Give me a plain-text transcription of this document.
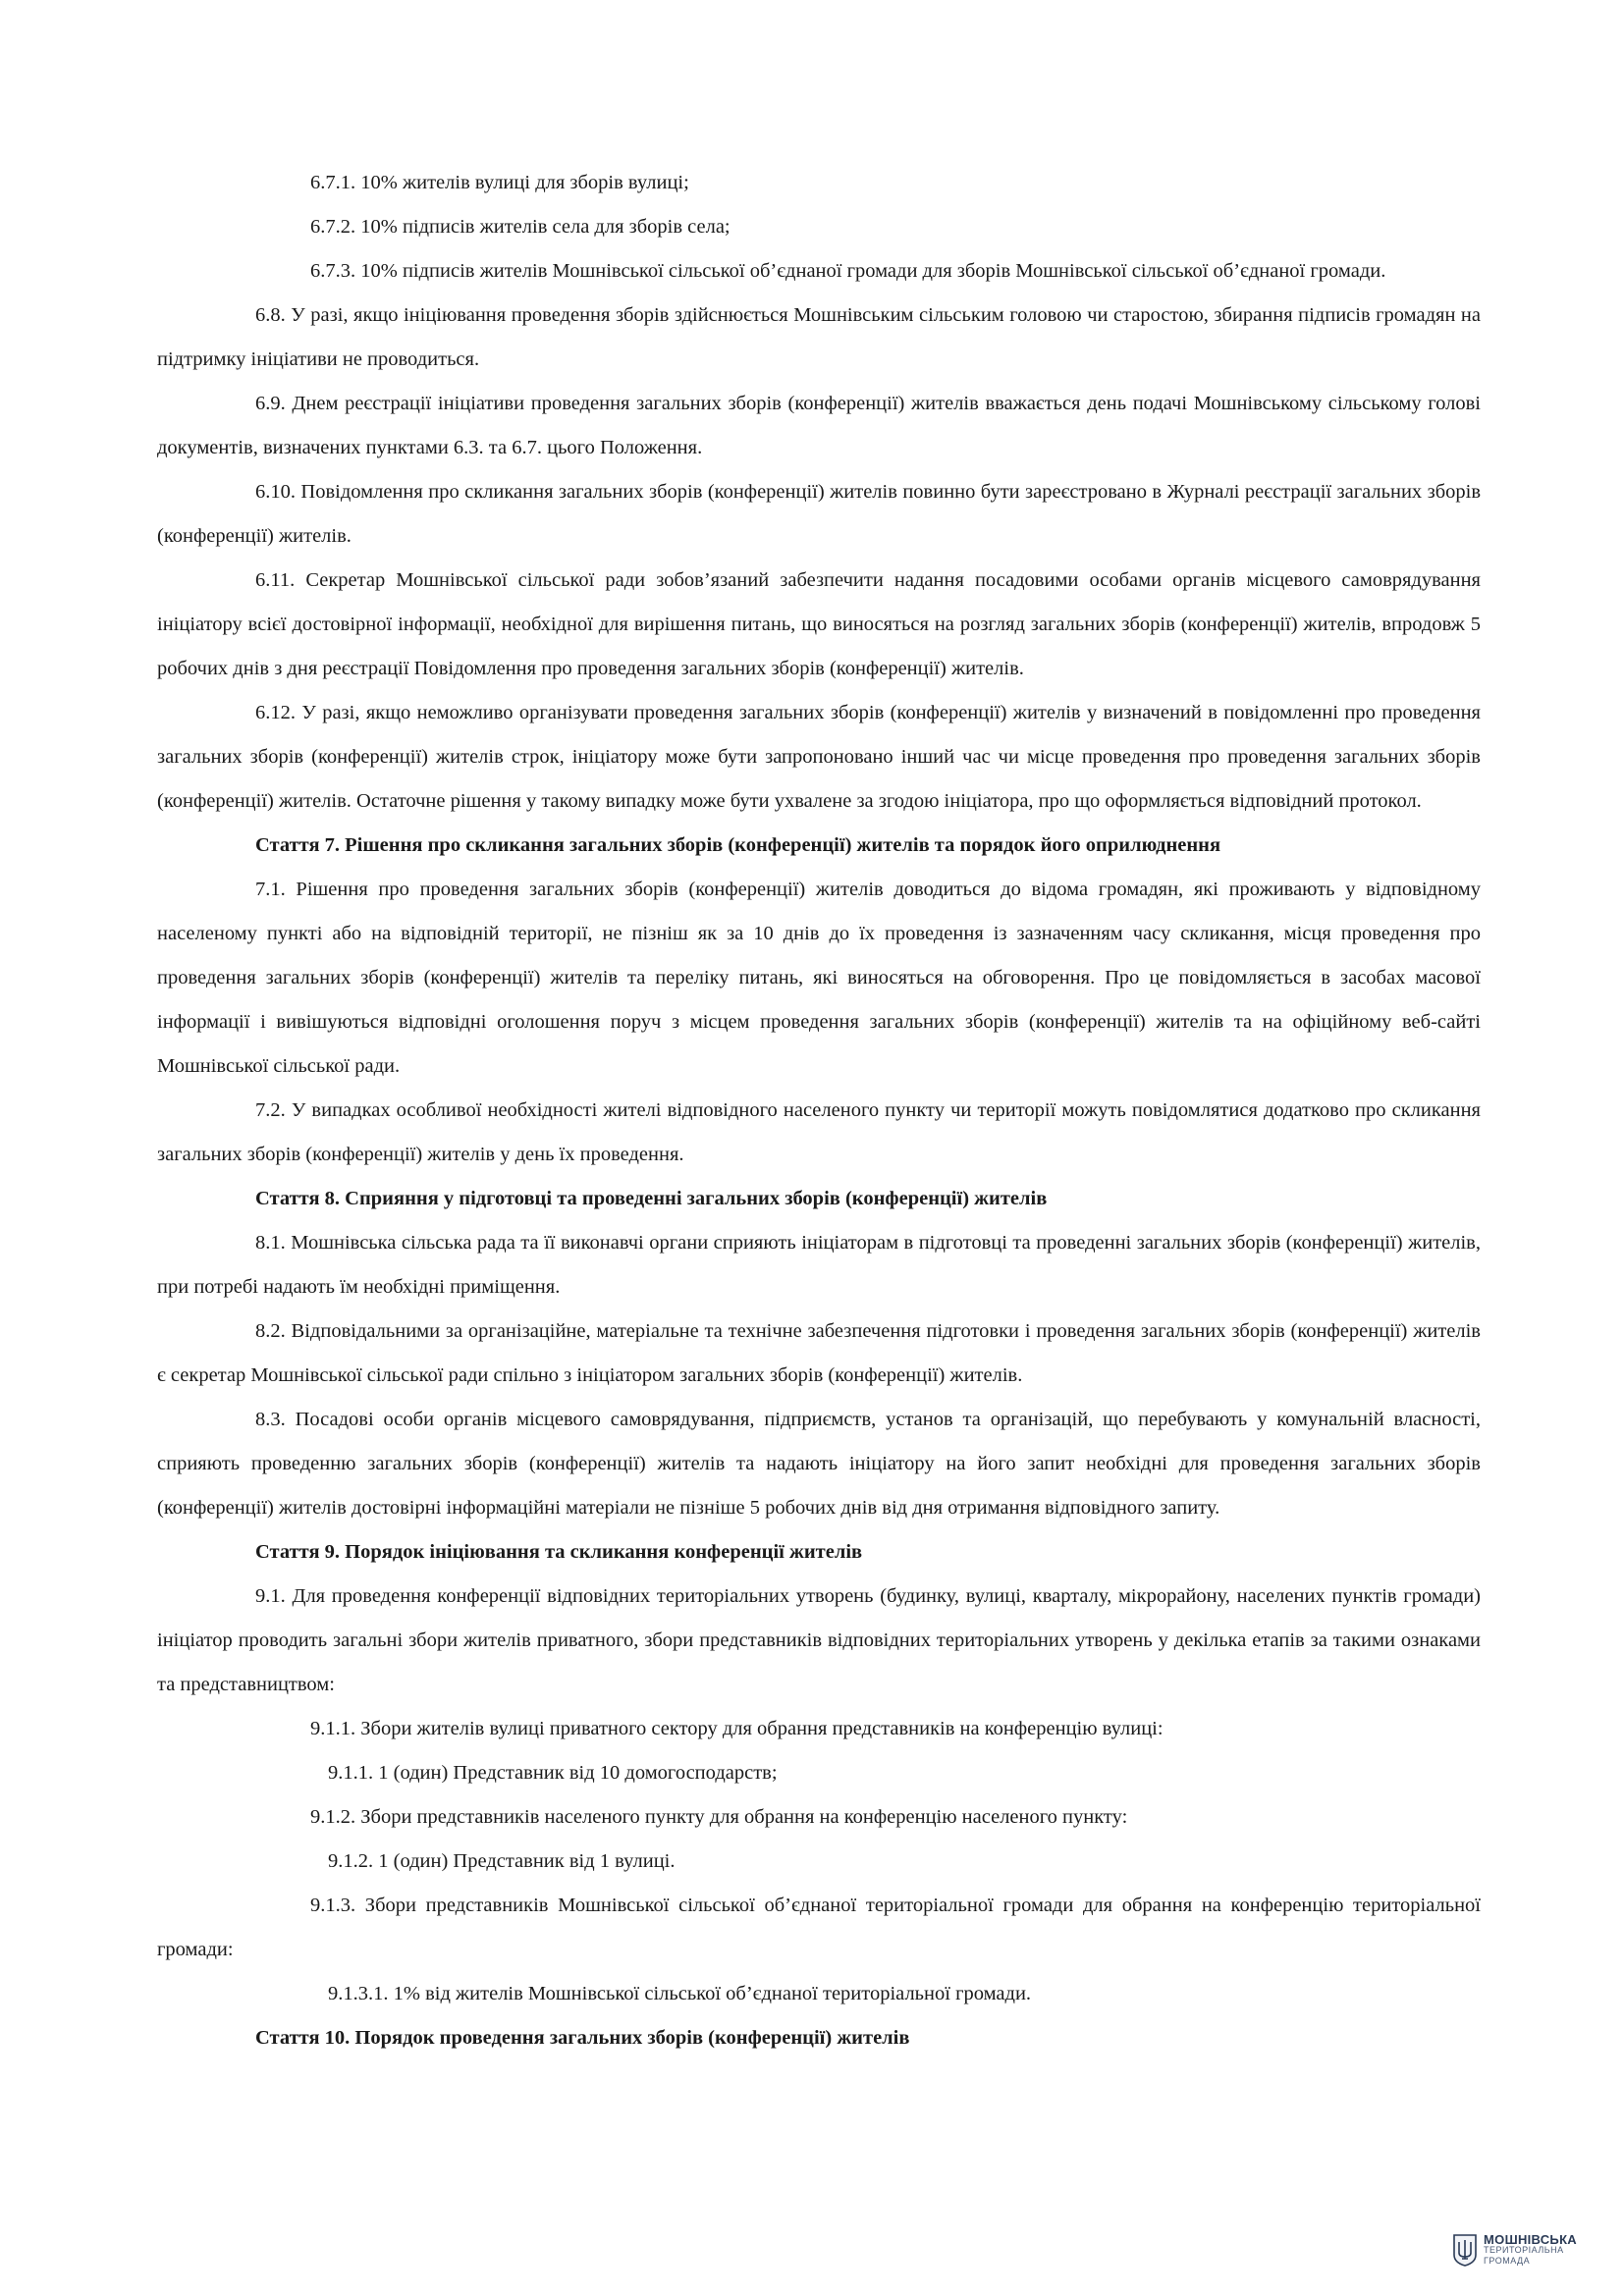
6.7.1. 10% жителів вулиці для зборів вулиці;

6.7.2. 10% підписів жителів села для зборів села;

6.7.3. 10% підписів жителів Мошнівської сільської об’єднаної громади для зборів Мошнівської сільської об’єднаної громади.

6.8. У разі, якщо ініціювання проведення зборів здійснюється Мошнівським сільським головою чи старостою, збирання підписів громадян на підтримку ініціативи не проводиться.

6.9. Днем реєстрації ініціативи проведення загальних зборів (конференції) жителів вважається день подачі Мошнівському сільському голові документів, визначених пунктами 6.3. та 6.7. цього Положення.

6.10. Повідомлення про скликання загальних зборів (конференції) жителів повинно бути зареєстровано в Журналі реєстрації загальних зборів (конференції) жителів.

6.11. Секретар Мошнівської сільської ради зобов’язаний забезпечити надання посадовими особами органів місцевого самоврядування ініціатору всієї достовірної інформації, необхідної для вирішення питань, що виносяться на розгляд загальних зборів (конференції) жителів, впродовж 5 робочих днів з дня реєстрації Повідомлення про проведення загальних зборів (конференції) жителів.

6.12. У разі, якщо неможливо організувати проведення загальних зборів (конференції) жителів у визначений в повідомленні про проведення загальних зборів (конференції) жителів строк, ініціатору може бути запропоновано інший час чи місце проведення про проведення загальних зборів (конференції) жителів. Остаточне рішення у такому випадку може бути ухвалене за згодою ініціатора, про що оформляється відповідний протокол.

Стаття 7. Рішення про скликання загальних зборів (конференції) жителів та порядок його оприлюднення

7.1. Рішення про проведення загальних зборів (конференції) жителів доводиться до відома громадян, які проживають у відповідному населеному пункті або на відповідній території, не пізніш як за 10 днів до їх проведення із зазначенням часу скликання, місця проведення про проведення загальних зборів (конференції) жителів та переліку питань, які виносяться на обговорення. Про це повідомляється в засобах масової інформації і вивішуються відповідні оголошення поруч з місцем проведення загальних зборів (конференції) жителів та на офіційному веб-сайті Мошнівської сільської ради.

7.2. У випадках особливої необхідності жителі відповідного населеного пункту чи території можуть повідомлятися додатково про скликання загальних зборів (конференції) жителів у день їх проведення.

Стаття 8. Сприяння у підготовці та проведенні загальних зборів (конференції) жителів

8.1. Мошнівська сільська рада та її виконавчі органи сприяють ініціаторам в підготовці та проведенні загальних зборів (конференції) жителів, при потребі надають їм необхідні приміщення.

8.2. Відповідальними за організаційне, матеріальне та технічне забезпечення підготовки і проведення загальних зборів (конференції) жителів є секретар Мошнівської сільської ради спільно з ініціатором загальних зборів (конференції) жителів.

8.3. Посадові особи органів місцевого самоврядування, підприємств, установ та організацій, що перебувають у комунальній власності, сприяють проведенню загальних зборів (конференції) жителів та надають ініціатору на його запит необхідні для проведення загальних зборів (конференції) жителів достовірні інформаційні матеріали не пізніше 5 робочих днів від дня отримання відповідного запиту.

Стаття 9. Порядок ініціювання та скликання конференції жителів

9.1. Для проведення конференції відповідних територіальних утворень (будинку, вулиці, кварталу, мікрорайону, населених пунктів громади) ініціатор проводить загальні збори жителів приватного, збори представників відповідних територіальних утворень у декілька етапів за такими ознаками та представництвом:

9.1.1. Збори жителів вулиці приватного сектору для обрання представників на конференцію вулиці:

9.1.1. 1 (один) Представник від 10 домогосподарств;

9.1.2. Збори представників населеного пункту для обрання на конференцію населеного пункту:

9.1.2. 1 (один) Представник від 1 вулиці.

9.1.3. Збори представників Мошнівської сільської об’єднаної територіальної громади для обрання на конференцію територіальної громади:

9.1.3.1. 1% від жителів Мошнівської сільської об’єднаної територіальної громади.

Стаття 10. Порядок проведення загальних зборів (конференції) жителів

МОШНІВСЬКА
ТЕРИТОРІАЛЬНА
ГРОМАДА
